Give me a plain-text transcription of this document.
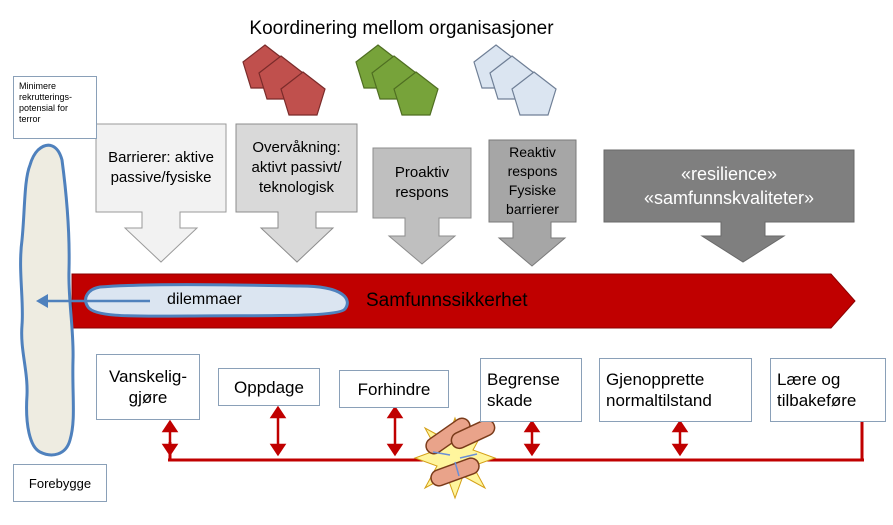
Koordinering mellom organisasjoner
Minimere rekrutterings-potensial for terror
Forebygge
Barrierer: aktive passive/fysiske
Overvåkning: aktivt passivt/ teknologisk
Proaktiv respons
Reaktiv respons Fysiske barrierer
«resilience» «samfunnskvaliteter»
Samfunnssikkerhet
dilemmaer
Vanskelig-gjøre
Oppdage	Forhindre	Begrense skade
Gjenopprette normaltilstand
Lære og tilbakeføre
